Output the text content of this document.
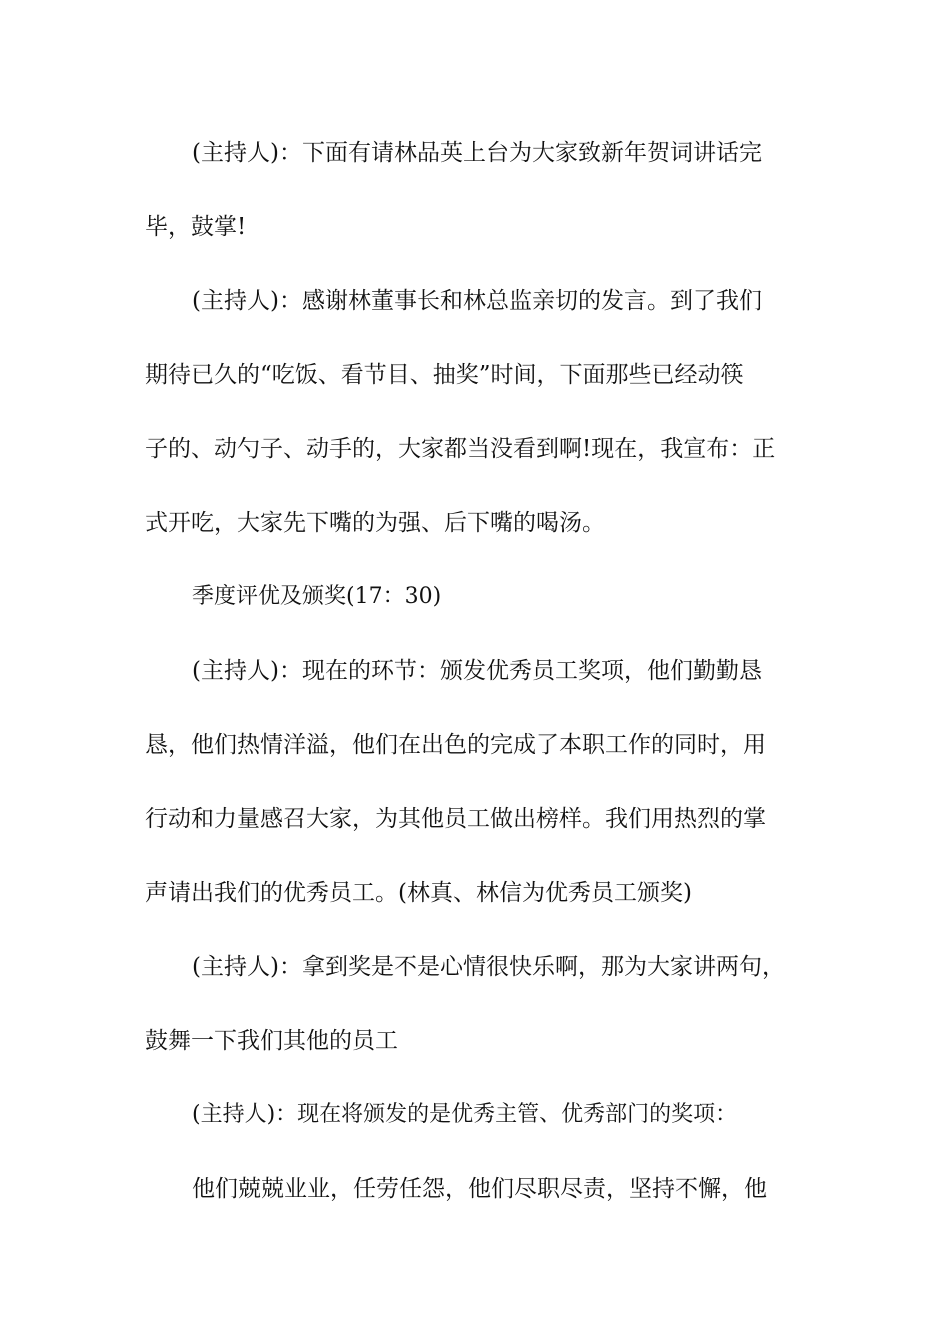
(主持人)：下面有请林品英上台为大家致新年贺词讲话完
毕，鼓掌!
(主持人)：感谢林董事长和林总监亲切的发言。到了我们
期待已久的“吃饭、看节目、抽奖”时间，下面那些已经动筷
子的、动勺子、动手的，大家都当没看到啊!现在，我宣布：正
式开吃，大家先下嘴的为强、后下嘴的喝汤。
季度评优及颁奖(17：30)
(主持人)：现在的环节：颁发优秀员工奖项，他们勤勤恳
恳，他们热情洋溢，他们在出色的完成了本职工作的同时，用
行动和力量感召大家，为其他员工做出榜样。我们用热烈的掌
声请出我们的优秀员工。(林真、林信为优秀员工颁奖)
(主持人)：拿到奖是不是心情很快乐啊，那为大家讲两句，
鼓舞一下我们其他的员工
(主持人)：现在将颁发的是优秀主管、优秀部门的奖项：
他们兢兢业业，任劳任怨，他们尽职尽责，坚持不懈，他
